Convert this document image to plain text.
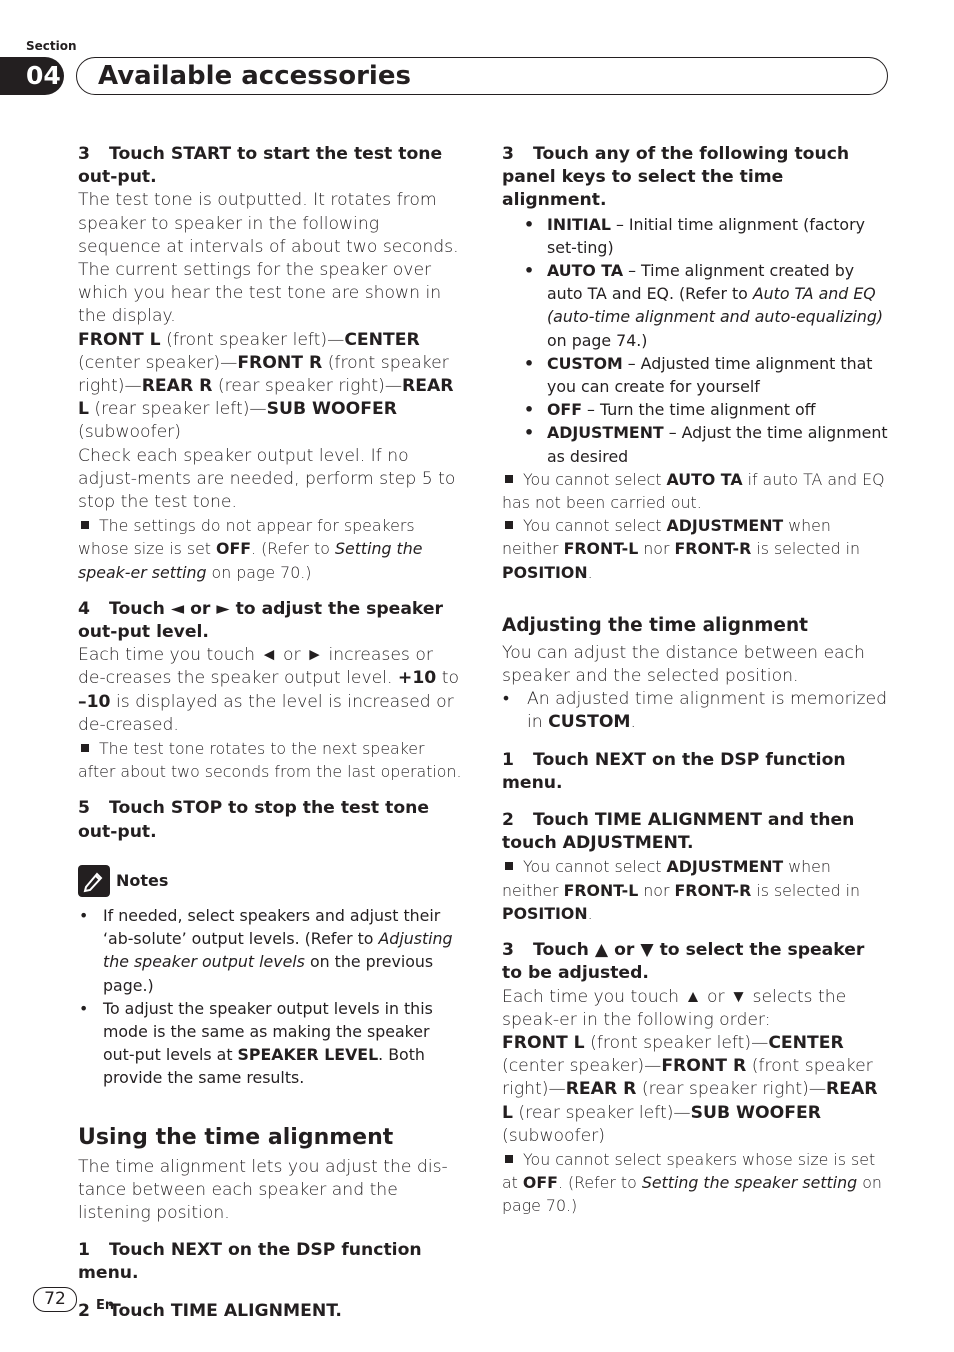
Section
04 Available accessories
3 Touch START to start the test tone out-put.

The test tone is outputted. It rotates from speaker to speaker in the following sequence at intervals of about two seconds. The current settings for the speaker over which you hear the test tone are shown in the display.

FRONT L (front speaker left)—CENTER (center speaker)—FRONT R (front speaker right)—REAR R (rear speaker right)—REAR L (rear speaker left)—SUB WOOFER (subwoofer)

Check each speaker output level. If no adjust-ments are needed, perform step 5 to stop the test tone.

The settings do not appear for speakers whose size is set OFF. (Refer to Setting the speak-er setting on page 70.)

4 Touch ◄ or ► to adjust the speaker out-put level.

Each time you touch ◄ or ► increases or de-creases the speaker output level. +10 to –10 is displayed as the level is increased or de-creased.

The test tone rotates to the next speaker after about two seconds from the last operation.

5 Touch STOP to stop the test tone out-put.
Notes
• If needed, select speakers and adjust their ‘ab-solute’ output levels. (Refer to Adjusting the speaker output levels on the previous page.)
• To adjust the speaker output levels in this mode is the same as making the speaker out-put levels at SPEAKER LEVEL. Both provide the same results.
Using the time alignment

The time alignment lets you adjust the dis-tance between each speaker and the listening position.

1 Touch NEXT on the DSP function menu.
2 Touch TIME ALIGNMENT.
3 Touch any of the following touch panel keys to select the time alignment.
• INITIAL – Initial time alignment (factory set-ting)
• AUTO TA – Time alignment created by auto TA and EQ. (Refer to Auto TA and EQ (auto-time alignment and auto-equalizing) on page 74.)
• CUSTOM – Adjusted time alignment that you can create for yourself
• OFF – Turn the time alignment off
• ADJUSTMENT – Adjust the time alignment as desired

You cannot select AUTO TA if auto TA and EQ has not been carried out.

You cannot select ADJUSTMENT when neither FRONT-L nor FRONT-R is selected in POSITION.

Adjusting the time alignment

You can adjust the distance between each speaker and the selected position.

• An adjusted time alignment is memorized in CUSTOM.
1 Touch NEXT on the DSP function menu.
2 Touch TIME ALIGNMENT and then touch ADJUSTMENT.

You cannot select ADJUSTMENT when neither FRONT-L nor FRONT-R is selected in POSITION.

3 Touch ▲ or ▼ to select the speaker to be adjusted.

Each time you touch ▲ or ▼ selects the speak-er in the following order:

FRONT L (front speaker left)—CENTER (center speaker)—FRONT R (front speaker right)—REAR R (rear speaker right)—REAR L (rear speaker left)—SUB WOOFER (subwoofer)

You cannot select speakers whose size is set at OFF. (Refer to Setting the speaker setting on page 70.)

72	En
